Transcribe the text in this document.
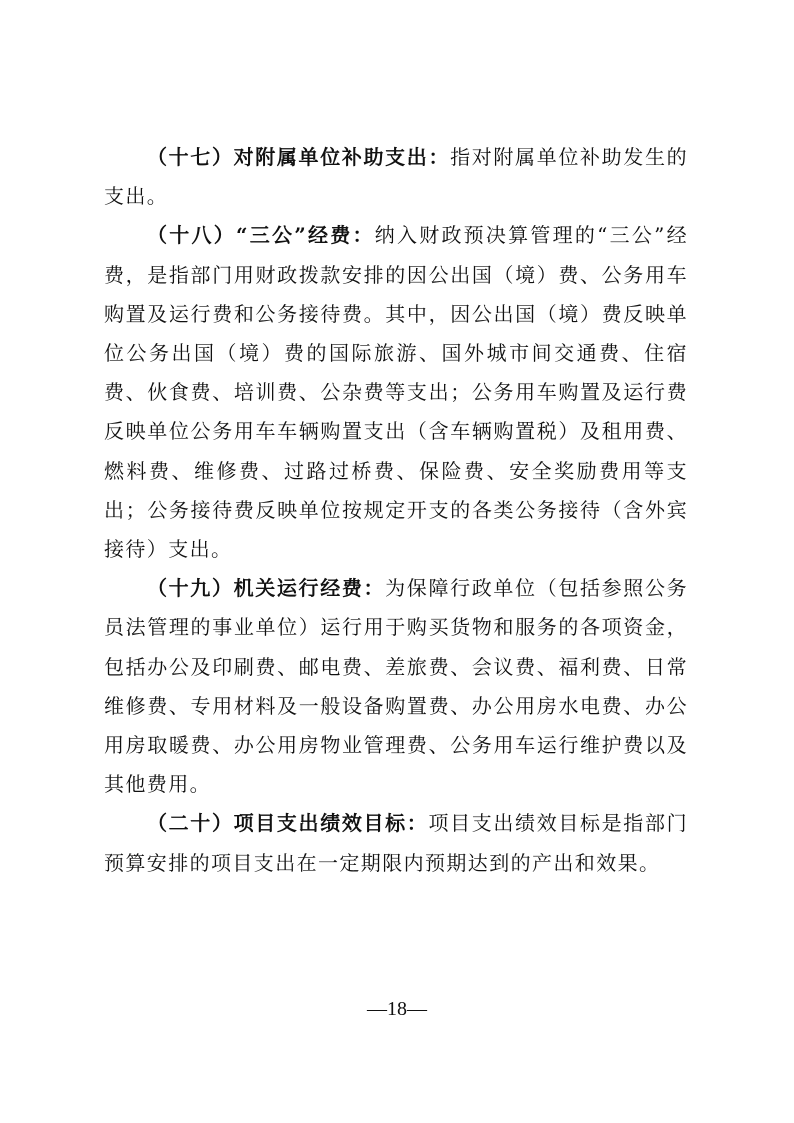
（十七）对附属单位补助支出：指对附属单位补助发生的支出。

（十八）“三公”经费：纳入财政预决算管理的“三公”经费，是指部门用财政拨款安排的因公出国（境）费、公务用车购置及运行费和公务接待费。其中，因公出国（境）费反映单位公务出国（境）费的国际旅游、国外城市间交通费、住宿费、伙食费、培训费、公杂费等支出；公务用车购置及运行费反映单位公务用车车辆购置支出（含车辆购置税）及租用费、燃料费、维修费、过路过桥费、保险费、安全奖励费用等支出；公务接待费反映单位按规定开支的各类公务接待（含外宾接待）支出。

（十九）机关运行经费：为保障行政单位（包括参照公务员法管理的事业单位）运行用于购买货物和服务的各项资金，包括办公及印刷费、邮电费、差旅费、会议费、福利费、日常维修费、专用材料及一般设备购置费、办公用房水电费、办公用房取暖费、办公用房物业管理费、公务用车运行维护费以及其他费用。

（二十）项目支出绩效目标：项目支出绩效目标是指部门预算安排的项目支出在一定期限内预期达到的产出和效果。

—18—
